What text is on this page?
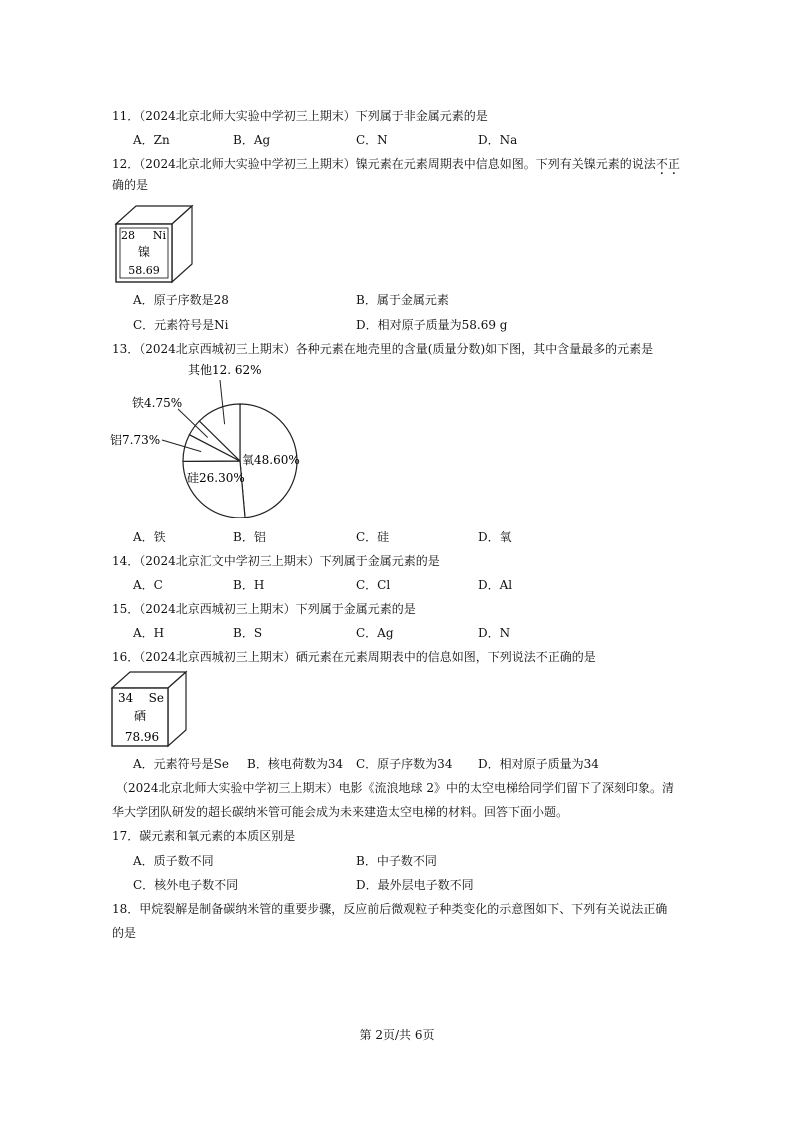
11．（2024北京北师大实验中学初三上期末）下列属于非金属元素的是
A．Zn	B．Ag	C．N	D．Na
12．（2024北京北师大实验中学初三上期末）镍元素在元素周期表中信息如图。下列有关镍元素的说法不正
确的是
28 Ni
镍
58.69
A．原子序数是28	B．属于金属元素
C．元素符号是Ni	D．相对原子质量为58.69 g
13．（2024北京西城初三上期末）各种元素在地壳里的含量(质量分数)如下图，其中含量最多的元素是
氧48.60%
硅26.30%
铝7.73%
铁4.75%
其他12. 62%
A．铁	B．铝	C．硅	D．氧
14．（2024北京汇文中学初三上期末）下列属于金属元素的是
A．C	B．H	C．Cl	D．Al
15．（2024北京西城初三上期末）下列属于金属元素的是
A．H	B．S	C．Ag	D．N
16．（2024北京西城初三上期末）硒元素在元素周期表中的信息如图，下列说法不正确的是
34 Se
硒
78.96
A．元素符号是Se B．核电荷数为34 C．原子序数为34 D．相对原子质量为34
（2024北京北师大实验中学初三上期末）电影《流浪地球 2》中的太空电梯给同学们留下了深刻印象。清
华大学团队研发的超长碳纳米管可能会成为未来建造太空电梯的材料。回答下面小题。
17．碳元素和氧元素的本质区别是
A．质子数不同	B．中子数不同
C．核外电子数不同	D．最外层电子数不同
18．甲烷裂解是制备碳纳米管的重要步骤，反应前后微观粒子种类变化的示意图如下、下列有关说法正确
的是
第 2页/共 6页
